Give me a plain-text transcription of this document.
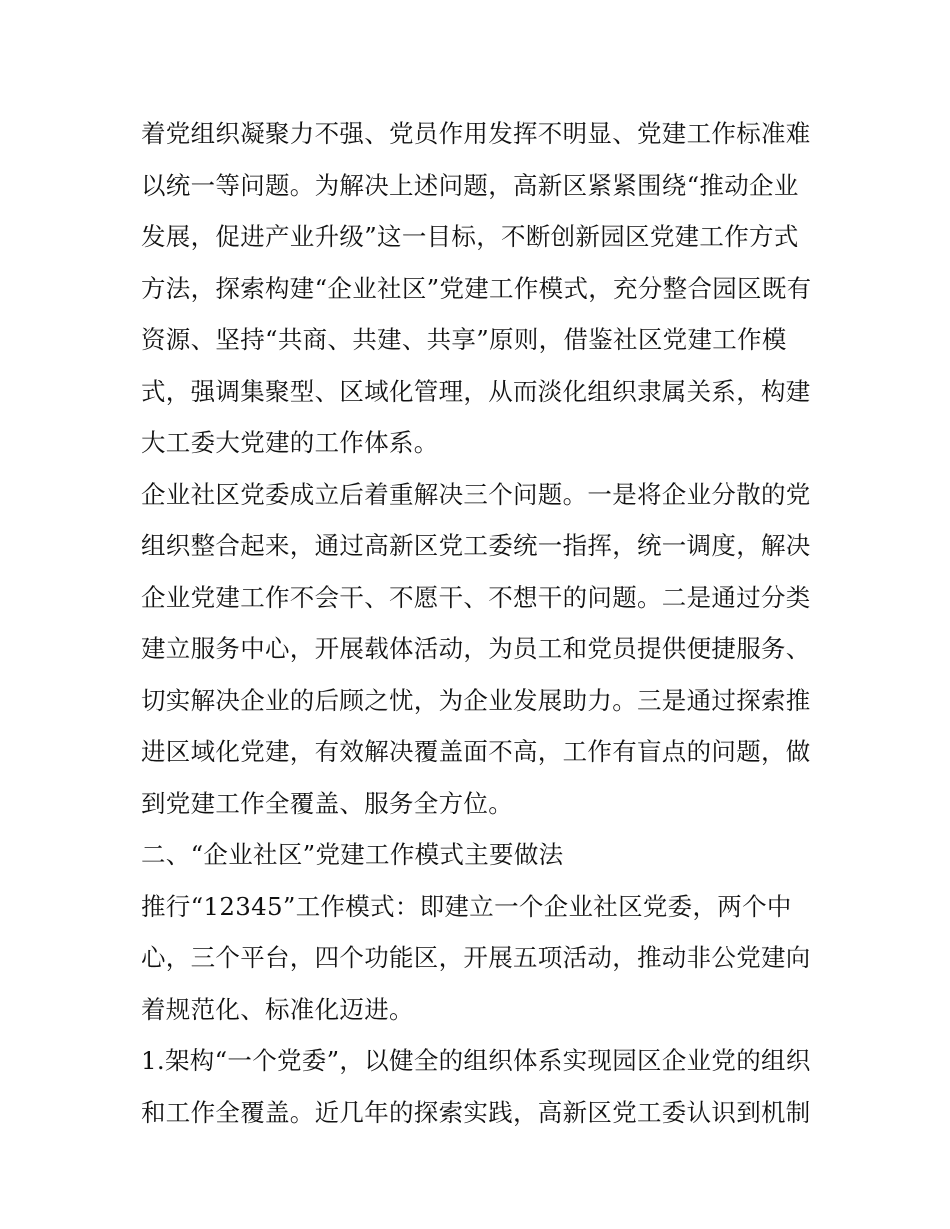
着党组织凝聚力不强、党员作用发挥不明显、党建工作标准难
以统一等问题。为解决上述问题，高新区紧紧围绕“推动企业
发展，促进产业升级”这一目标，不断创新园区党建工作方式
方法，探索构建“企业社区”党建工作模式，充分整合园区既有
资源、坚持“共商、共建、共享”原则，借鉴社区党建工作模
式，强调集聚型、区域化管理，从而淡化组织隶属关系，构建
大工委大党建的工作体系。
企业社区党委成立后着重解决三个问题。一是将企业分散的党
组织整合起来，通过高新区党工委统一指挥，统一调度，解决
企业党建工作不会干、不愿干、不想干的问题。二是通过分类
建立服务中心，开展载体活动，为员工和党员提供便捷服务、
切实解决企业的后顾之忧，为企业发展助力。三是通过探索推
进区域化党建，有效解决覆盖面不高，工作有盲点的问题，做
到党建工作全覆盖、服务全方位。
二、“企业社区”党建工作模式主要做法
推行“12345”工作模式：即建立一个企业社区党委，两个中
心，三个平台，四个功能区，开展五项活动，推动非公党建向
着规范化、标准化迈进。
1.架构“一个党委”，以健全的组织体系实现园区企业党的组织
和工作全覆盖。近几年的探索实践，高新区党工委认识到机制
